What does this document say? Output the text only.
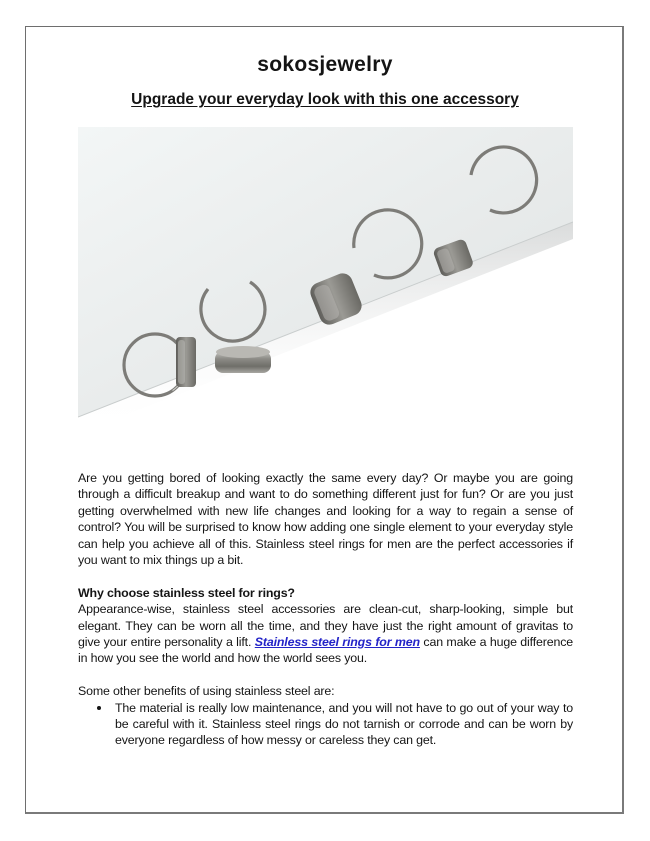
sokosjewelry
Upgrade your everyday look with this one accessory

Are you getting bored of looking exactly the same every day? Or maybe you are going through a difficult breakup and want to do something different just for fun? Or are you just getting overwhelmed with new life changes and looking for a way to regain a sense of control? You will be surprised to know how adding one single element to your everyday style can help you achieve all of this. Stainless steel rings for men are the perfect accessories if you want to mix things up a bit.

Why choose stainless steel for rings?

Appearance-wise, stainless steel accessories are clean-cut, sharp-looking, simple but elegant. They can be worn all the time, and they have just the right amount of gravitas to give your entire personality a lift. Stainless steel rings for men can make a huge difference in how you see the world and how the world sees you.

Some other benefits of using stainless steel are:

The material is really low maintenance, and you will not have to go out of your way to be careful with it. Stainless steel rings do not tarnish or corrode and can be worn by everyone regardless of how messy or careless they can get.
